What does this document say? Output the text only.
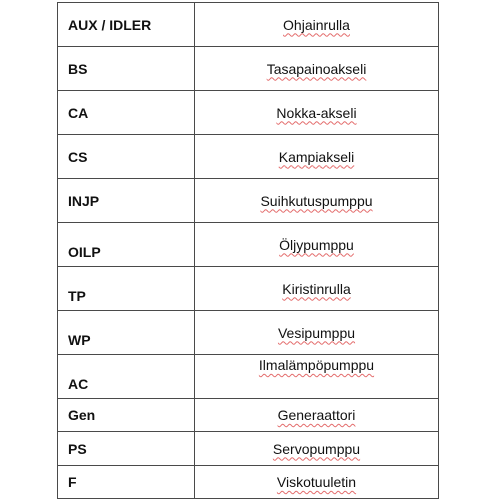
AUX / IDLER	Ohjainrulla
BS	Tasapainoakseli
CA	Nokka-akseli
CS	Kampiakseli
INJP	Suihkutuspumppu
OILP	Öljypumppu
TP	Kiristinrulla
WP	Vesipumppu
AC	Ilmalämpöpumppu
Gen	Generaattori
PS	Servopumppu
F	Viskotuuletin
